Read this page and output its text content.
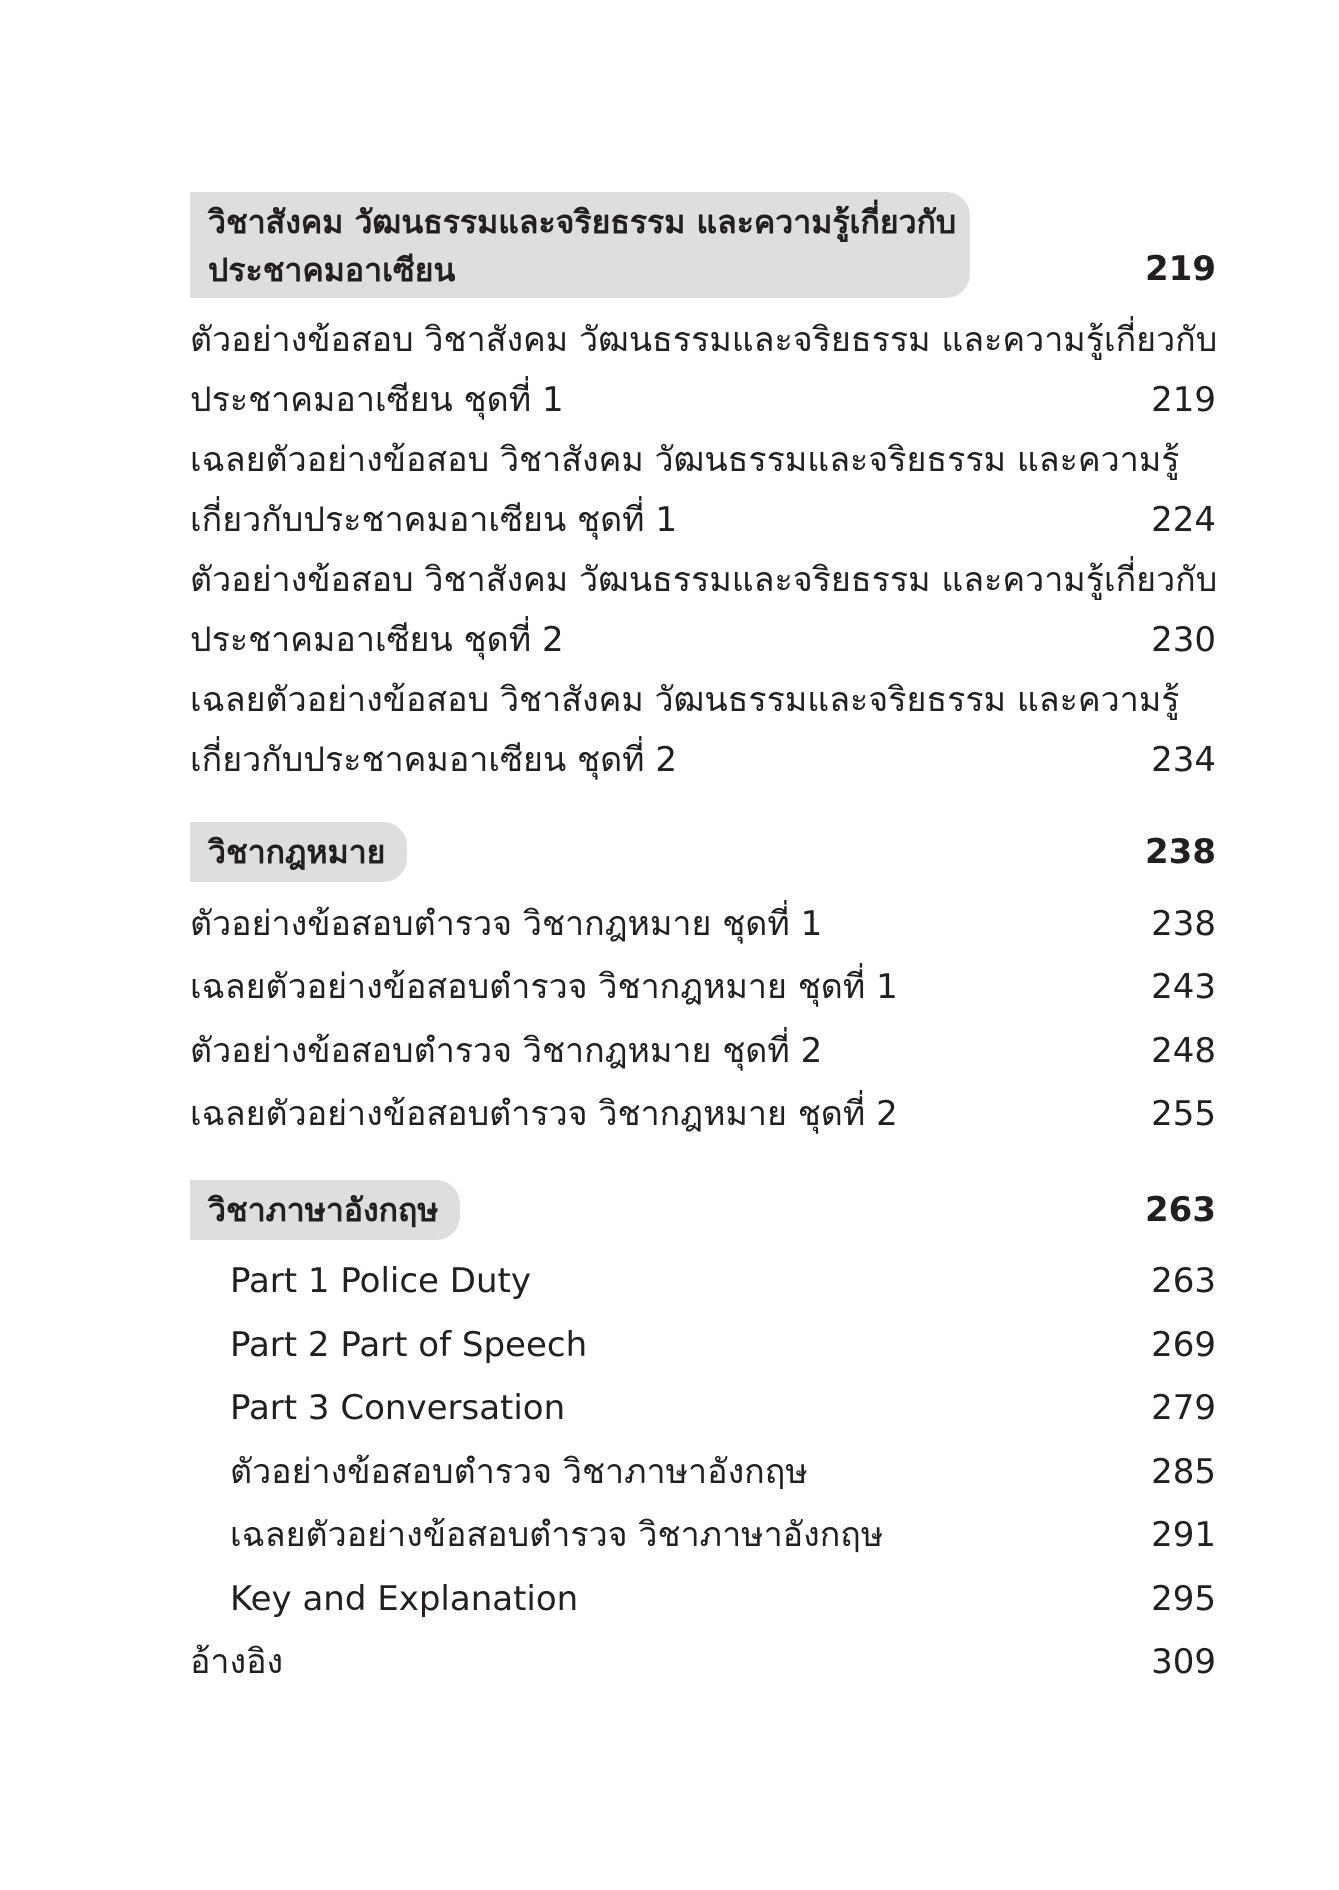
วิชาสังคม วัฒนธรรมและจริยธรรม และความรู้เกี่ยวกับ
ประชาคมอาเซียน	219
ตัวอย่างข้อสอบ วิชาสังคม วัฒนธรรมและจริยธรรม และความรู้เกี่ยวกับ
ประชาคมอาเซียน ชุดที่ 1	219
เฉลยตัวอย่างข้อสอบ วิชาสังคม วัฒนธรรมและจริยธรรม และความรู้
เกี่ยวกับประชาคมอาเซียน ชุดที่ 1	224
ตัวอย่างข้อสอบ วิชาสังคม วัฒนธรรมและจริยธรรม และความรู้เกี่ยวกับ
ประชาคมอาเซียน ชุดที่ 2	230
เฉลยตัวอย่างข้อสอบ วิชาสังคม วัฒนธรรมและจริยธรรม และความรู้
เกี่ยวกับประชาคมอาเซียน ชุดที่ 2	234
วิชากฎหมาย	238
ตัวอย่างข้อสอบตำรวจ วิชากฎหมาย ชุดที่ 1	238
เฉลยตัวอย่างข้อสอบตำรวจ วิชากฎหมาย ชุดที่ 1	243
ตัวอย่างข้อสอบตำรวจ วิชากฎหมาย ชุดที่ 2	248
เฉลยตัวอย่างข้อสอบตำรวจ วิชากฎหมาย ชุดที่ 2	255
วิชาภาษาอังกฤษ	263
Part 1 Police Duty	263
Part 2 Part of Speech	269
Part 3 Conversation	279
ตัวอย่างข้อสอบตำรวจ วิชาภาษาอังกฤษ	285
เฉลยตัวอย่างข้อสอบตำรวจ วิชาภาษาอังกฤษ	291
Key and Explanation	295
อ้างอิง	309
